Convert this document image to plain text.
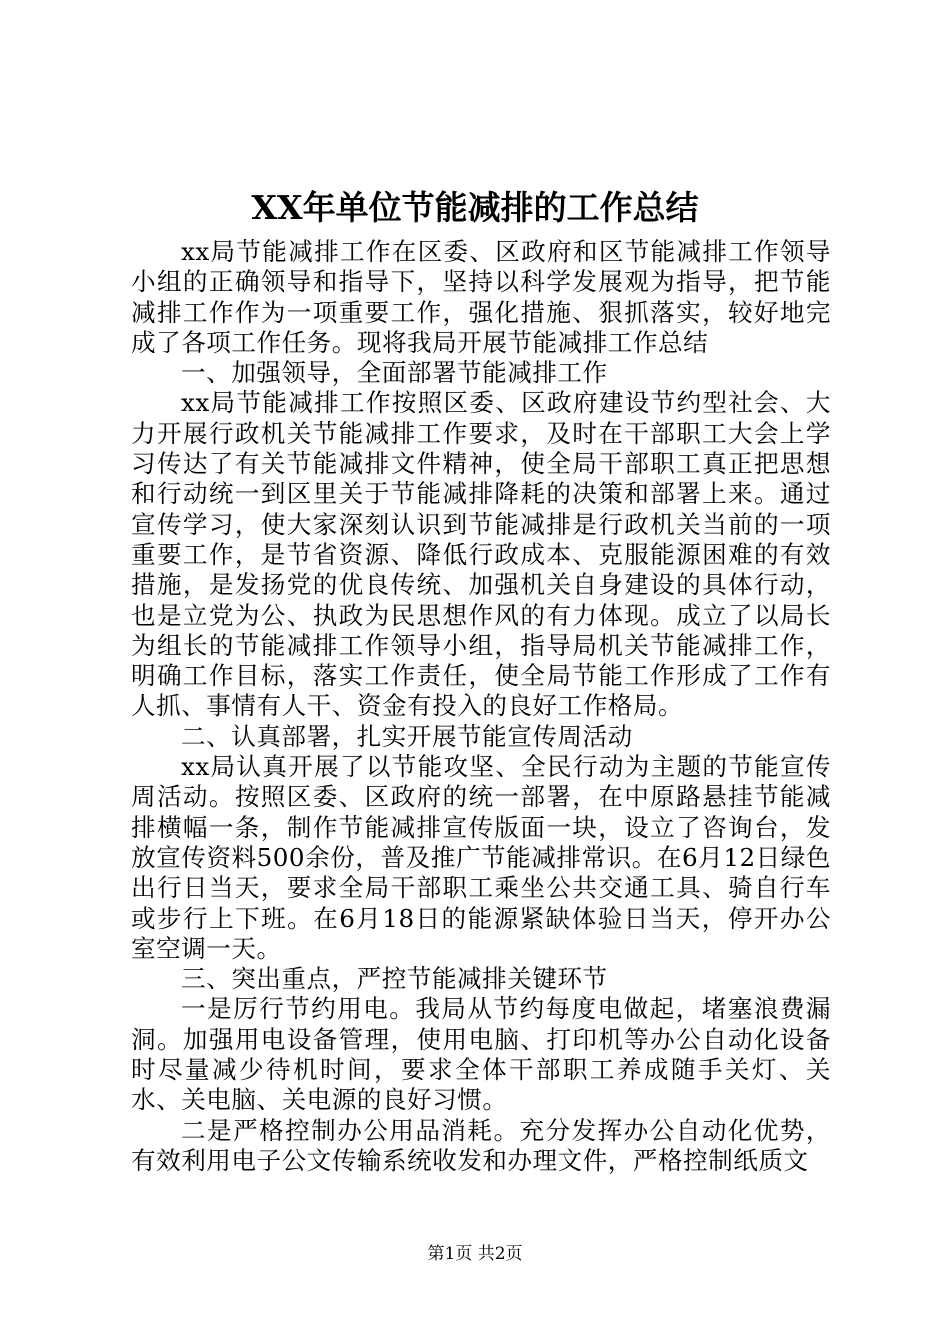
XX年单位节能减排的工作总结

xx局节能减排工作在区委、区政府和区节能减排工作领导小组的正确领导和指导下，坚持以科学发展观为指导，把节能减排工作作为一项重要工作，强化措施、狠抓落实，较好地完成了各项工作任务。现将我局开展节能减排工作总结

一、加强领导，全面部署节能减排工作

xx局节能减排工作按照区委、区政府建设节约型社会、大力开展行政机关节能减排工作要求，及时在干部职工大会上学习传达了有关节能减排文件精神，使全局干部职工真正把思想和行动统一到区里关于节能减排降耗的决策和部署上来。通过宣传学习，使大家深刻认识到节能减排是行政机关当前的一项重要工作，是节省资源、降低行政成本、克服能源困难的有效措施，是发扬党的优良传统、加强机关自身建设的具体行动，也是立党为公、执政为民思想作风的有力体现。成立了以局长为组长的节能减排工作领导小组，指导局机关节能减排工作，明确工作目标，落实工作责任，使全局节能工作形成了工作有人抓、事情有人干、资金有投入的良好工作格局。

二、认真部署，扎实开展节能宣传周活动

xx局认真开展了以节能攻坚、全民行动为主题的节能宣传周活动。按照区委、区政府的统一部署，在中原路悬挂节能减排横幅一条，制作节能减排宣传版面一块，设立了咨询台，发放宣传资料500余份，普及推广节能减排常识。在6月12日绿色出行日当天，要求全局干部职工乘坐公共交通工具、骑自行车或步行上下班。在6月18日的能源紧缺体验日当天，停开办公室空调一天。

三、突出重点，严控节能减排关键环节

一是厉行节约用电。我局从节约每度电做起，堵塞浪费漏洞。加强用电设备管理，使用电脑、打印机等办公自动化设备时尽量减少待机时间，要求全体干部职工养成随手关灯、关水、关电脑、关电源的良好习惯。

二是严格控制办公用品消耗。充分发挥办公自动化优势，有效利用电子公文传输系统收发和办理文件，严格控制纸质文

第1页 共2页
